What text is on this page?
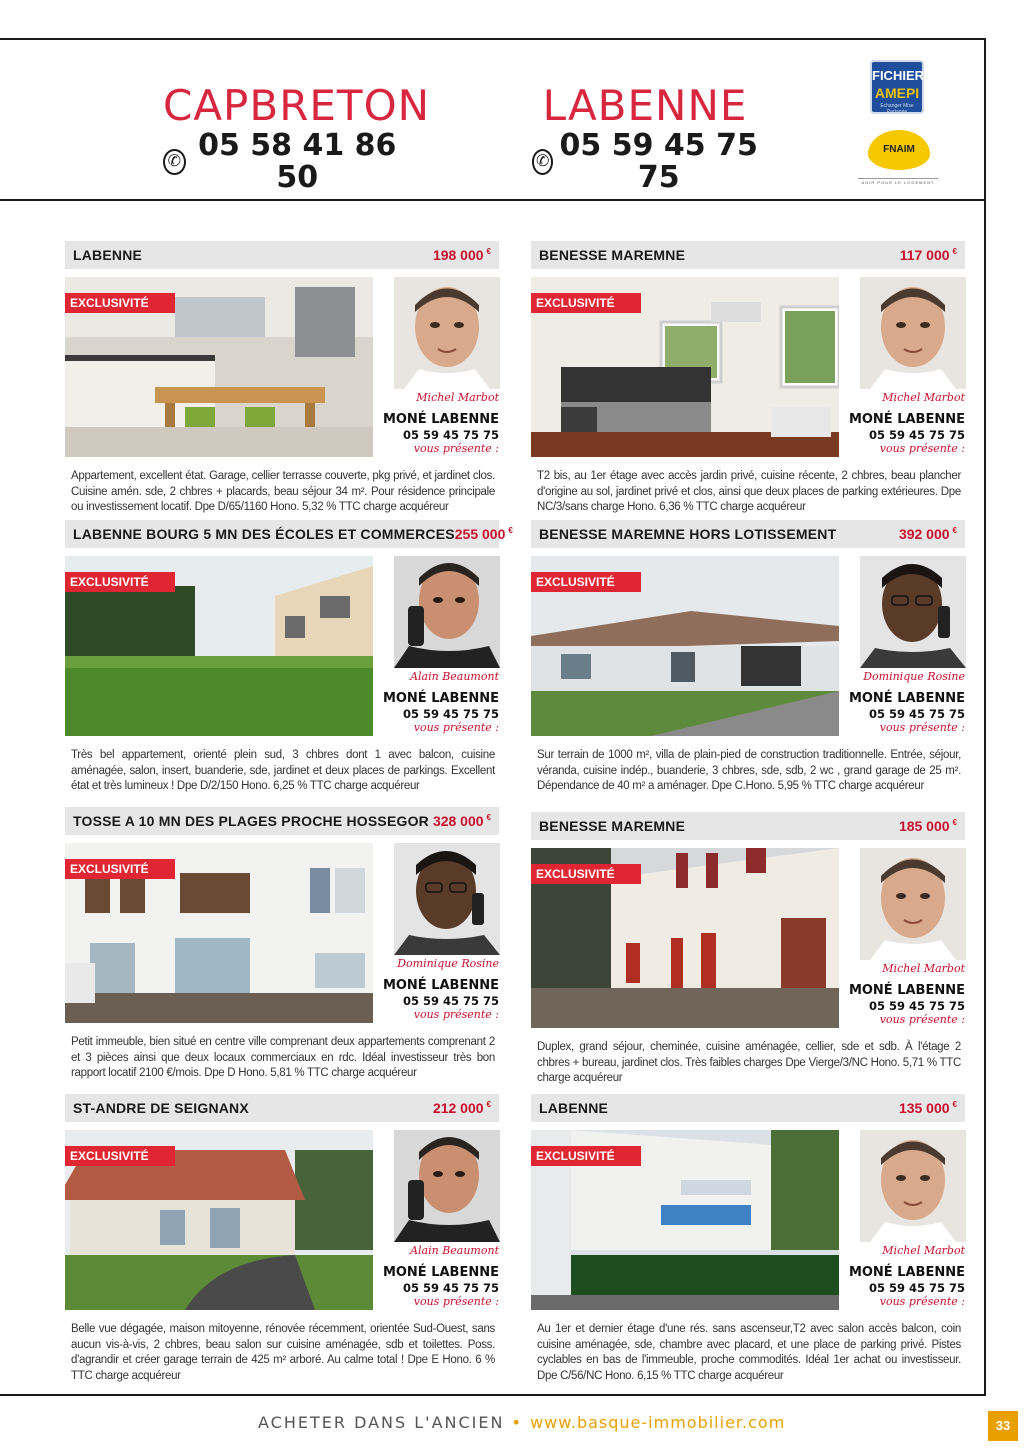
CAPBRETON
✆ 05 58 41 86 50
LABENNE
✆ 05 59 45 75 75
FICHIER
AMEPI
Echanger Mise Partagée
FNAIM
AGIR POUR LE LOGEMENT
LABENNE	198 000 €
EXCLUSIVITÉ
Michel Marbot
MONÉ LABENNE
05 59 45 75 75
vous présente :
Appartement, excellent état. Garage, cellier terrasse couverte, pkg privé, et jardinet clos. Cuisine amén. sde, 2 chbres + placards, beau séjour 34 m². Pour résidence principale ou investissement locatif. Dpe D/65/1160 Hono. 5,32 % TTC charge acquéreur
BENESSE MAREMNE	117 000 €
EXCLUSIVITÉ
Michel Marbot
MONÉ LABENNE
05 59 45 75 75
vous présente :
T2 bis, au 1er étage avec accès jardin privé, cuisine récente, 2 chbres, beau plancher d'origine au sol, jardinet privé et clos, ainsi que deux places de parking extérieures. Dpe NC/3/sans charge Hono. 6,36 % TTC charge acquéreur
LABENNE BOURG 5 MN DES ÉCOLES ET COMMERCES 255 000 €
EXCLUSIVITÉ
Alain Beaumont
MONÉ LABENNE
05 59 45 75 75
vous présente :
Très bel appartement, orienté plein sud, 3 chbres dont 1 avec balcon, cuisine aménagée, salon, insert, buanderie, sde, jardinet et deux places de parkings. Excellent état et très lumineux ! Dpe D/2/150 Hono. 6,25 % TTC charge acquéreur
BENESSE MAREMNE HORS LOTISSEMENT	392 000 €
EXCLUSIVITÉ
Dominique Rosine
MONÉ LABENNE
05 59 45 75 75
vous présente :
Sur terrain de 1000 m², villa de plain-pied de construction traditionnelle. Entrée, séjour, véranda, cuisine indép., buanderie, 3 chbres, sde, sdb, 2 wc , grand garage de 25 m². Dépendance de 40 m² a aménager. Dpe C.Hono. 5,95 % TTC charge acquéreur
TOSSE A 10 MN DES PLAGES PROCHE HOSSEGOR 328 000 €
EXCLUSIVITÉ
Dominique Rosine
MONÉ LABENNE
05 59 45 75 75
vous présente :
Petit immeuble, bien situé en centre ville comprenant deux appartements comprenant 2 et 3 pièces ainsi que deux locaux commerciaux en rdc. Idéal investisseur très bon rapport locatif 2100 €/mois. Dpe D Hono. 5,81 % TTC charge acquéreur
BENESSE MAREMNE	185 000 €
EXCLUSIVITÉ
Michel Marbot
MONÉ LABENNE
05 59 45 75 75
vous présente :
Duplex, grand séjour, cheminée, cuisine aménagée, cellier, sde et sdb. À l'étage 2 chbres + bureau, jardinet clos. Très faibles charges Dpe Vierge/3/NC Hono. 5,71 % TTC charge acquéreur
ST-ANDRE DE SEIGNANX	212 000 €
EXCLUSIVITÉ
Alain Beaumont
MONÉ LABENNE
05 59 45 75 75
vous présente :
Belle vue dégagée, maison mitoyenne, rénovée récemment, orientée Sud-Ouest, sans aucun vis-à-vis, 2 chbres, beau salon sur cuisine aménagée, sdb et toilettes. Poss. d'agrandir et créer garage terrain de 425 m² arboré. Au calme total ! Dpe E Hono. 6 % TTC charge acquéreur
LABENNE	135 000 €
EXCLUSIVITÉ
Michel Marbot
MONÉ LABENNE
05 59 45 75 75
vous présente :
Au 1er et dernier étage d'une rés. sans ascenseur,T2 avec salon accès balcon, coin cuisine aménagée, sde, chambre avec placard, et une place de parking privé. Pistes cyclables en bas de l'immeuble, proche commodités. Idéal 1er achat ou investisseur. Dpe C/56/NC Hono. 6,15 % TTC charge acquéreur
ACHETER DANS L'ANCIEN • www.basque-immobilier.com	33
